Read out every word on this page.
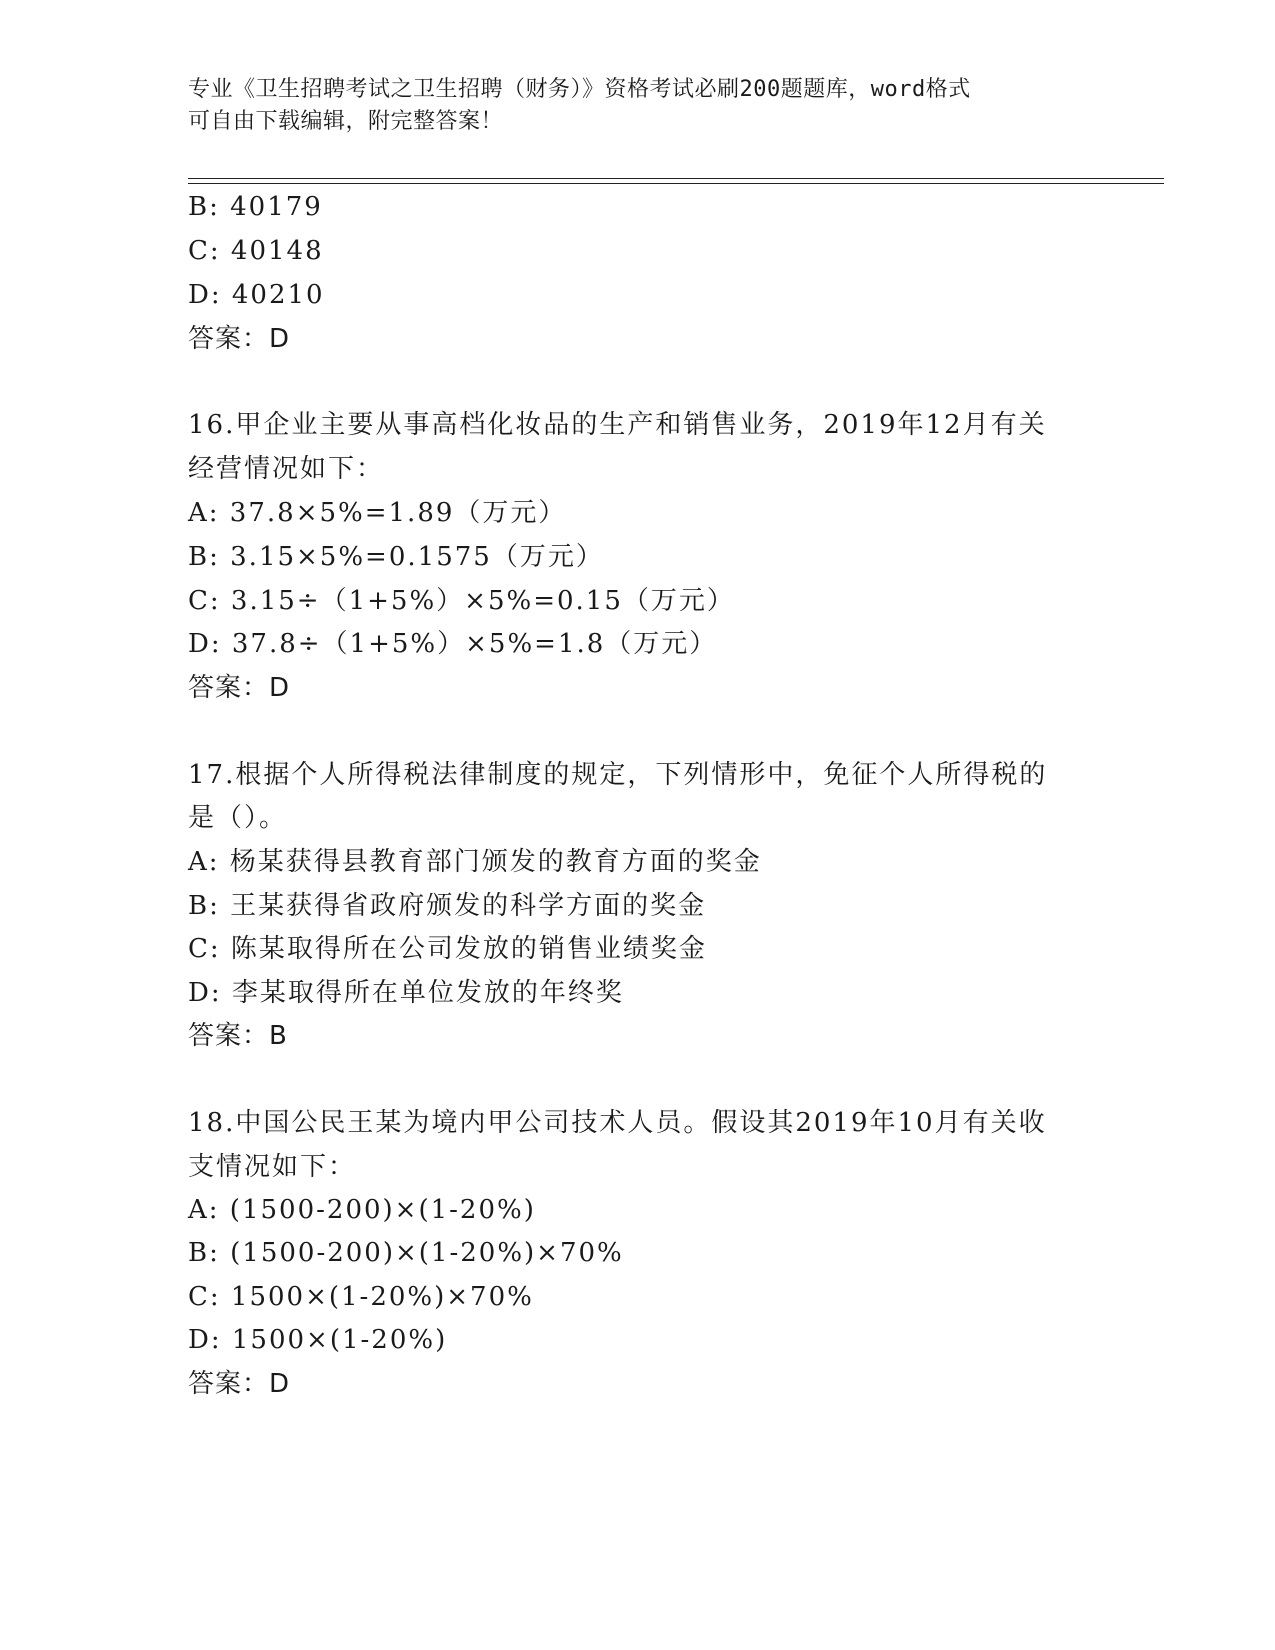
专业《卫生招聘考试之卫生招聘（财务）》资格考试必刷200题题库，word格式
可自由下载编辑，附完整答案！
B: 40179
C: 40148
D: 40210
答案：D
16.甲企业主要从事高档化妆品的生产和销售业务，2019年12月有关
经营情况如下：
A: 37.8×5%=1.89（万元）
B: 3.15×5%=0.1575（万元）
C: 3.15÷（1+5%）×5%=0.15（万元）
D: 37.8÷（1+5%）×5%=1.8（万元）
答案：D
17.根据个人所得税法律制度的规定，下列情形中，免征个人所得税的
是（）。
A: 杨某获得县教育部门颁发的教育方面的奖金
B: 王某获得省政府颁发的科学方面的奖金
C: 陈某取得所在公司发放的销售业绩奖金
D: 李某取得所在单位发放的年终奖
答案：B
18.中国公民王某为境内甲公司技术人员。假设其2019年10月有关收
支情况如下：
A: (1500-200)×(1-20%)
B: (1500-200)×(1-20%)×70%
C: 1500×(1-20%)×70%
D: 1500×(1-20%)
答案：D
